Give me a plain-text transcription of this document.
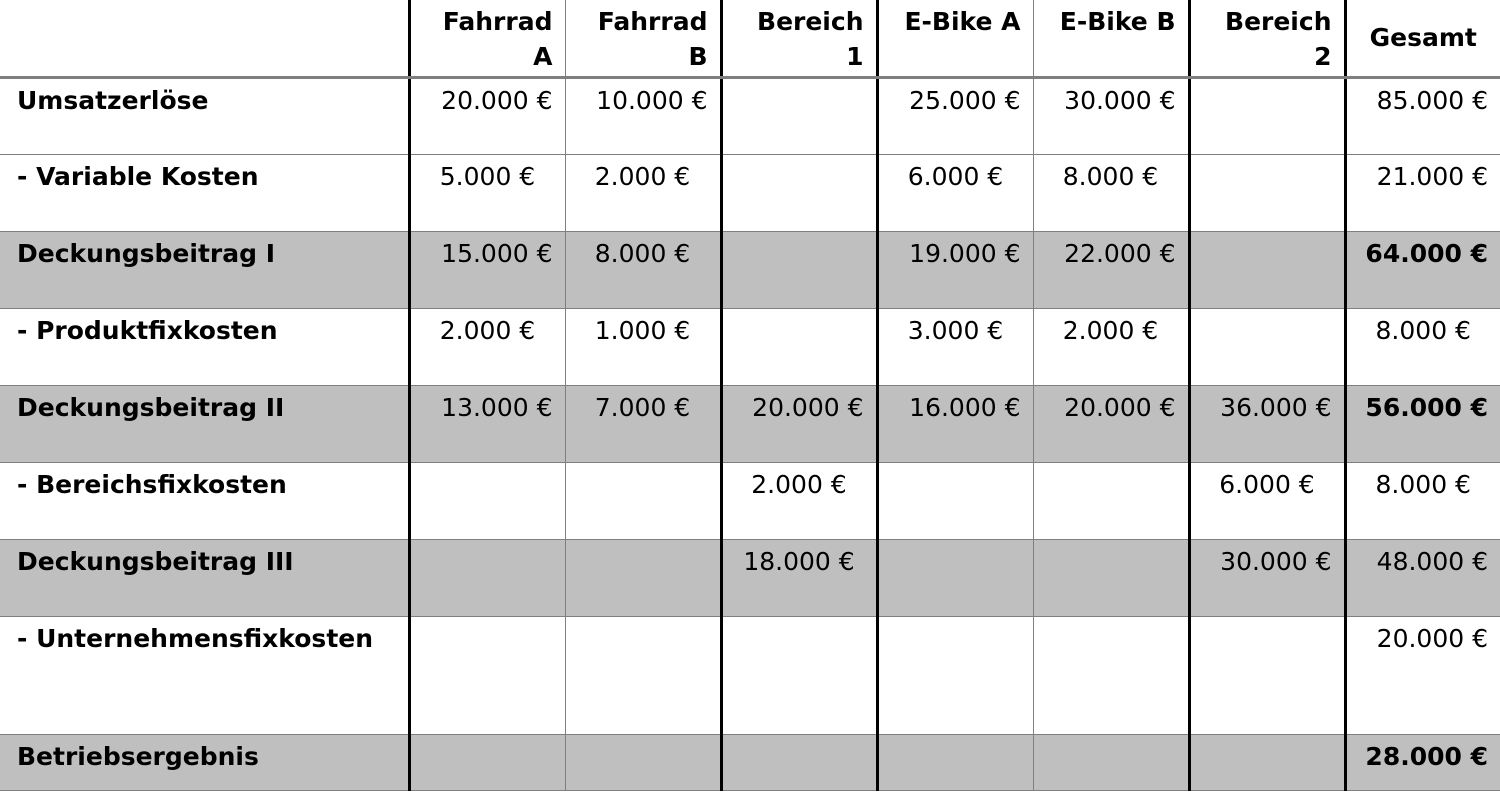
	Fahrrad A	Fahrrad B	Bereich 1	E-Bike A	E-Bike B	Bereich 2	Gesamt
Umsatzerlöse	20.000 €	10.000 €		25.000 €	30.000 €		85.000 €
- Variable Kosten	5.000 €	2.000 €		6.000 €	8.000 €		21.000 €
Deckungsbeitrag I	15.000 €	8.000 €		19.000 €	22.000 €		64.000 €
- Produktfixkosten	2.000 €	1.000 €		3.000 €	2.000 €		8.000 €
Deckungsbeitrag II	13.000 €	7.000 €	20.000 €	16.000 €	20.000 €	36.000 €	56.000 €
- Bereichsfixkosten			2.000 €			6.000 €	8.000 €
Deckungsbeitrag III			18.000 €			30.000 €	48.000 €
- Unternehmensfixkosten							20.000 €
Betriebsergebnis							28.000 €
